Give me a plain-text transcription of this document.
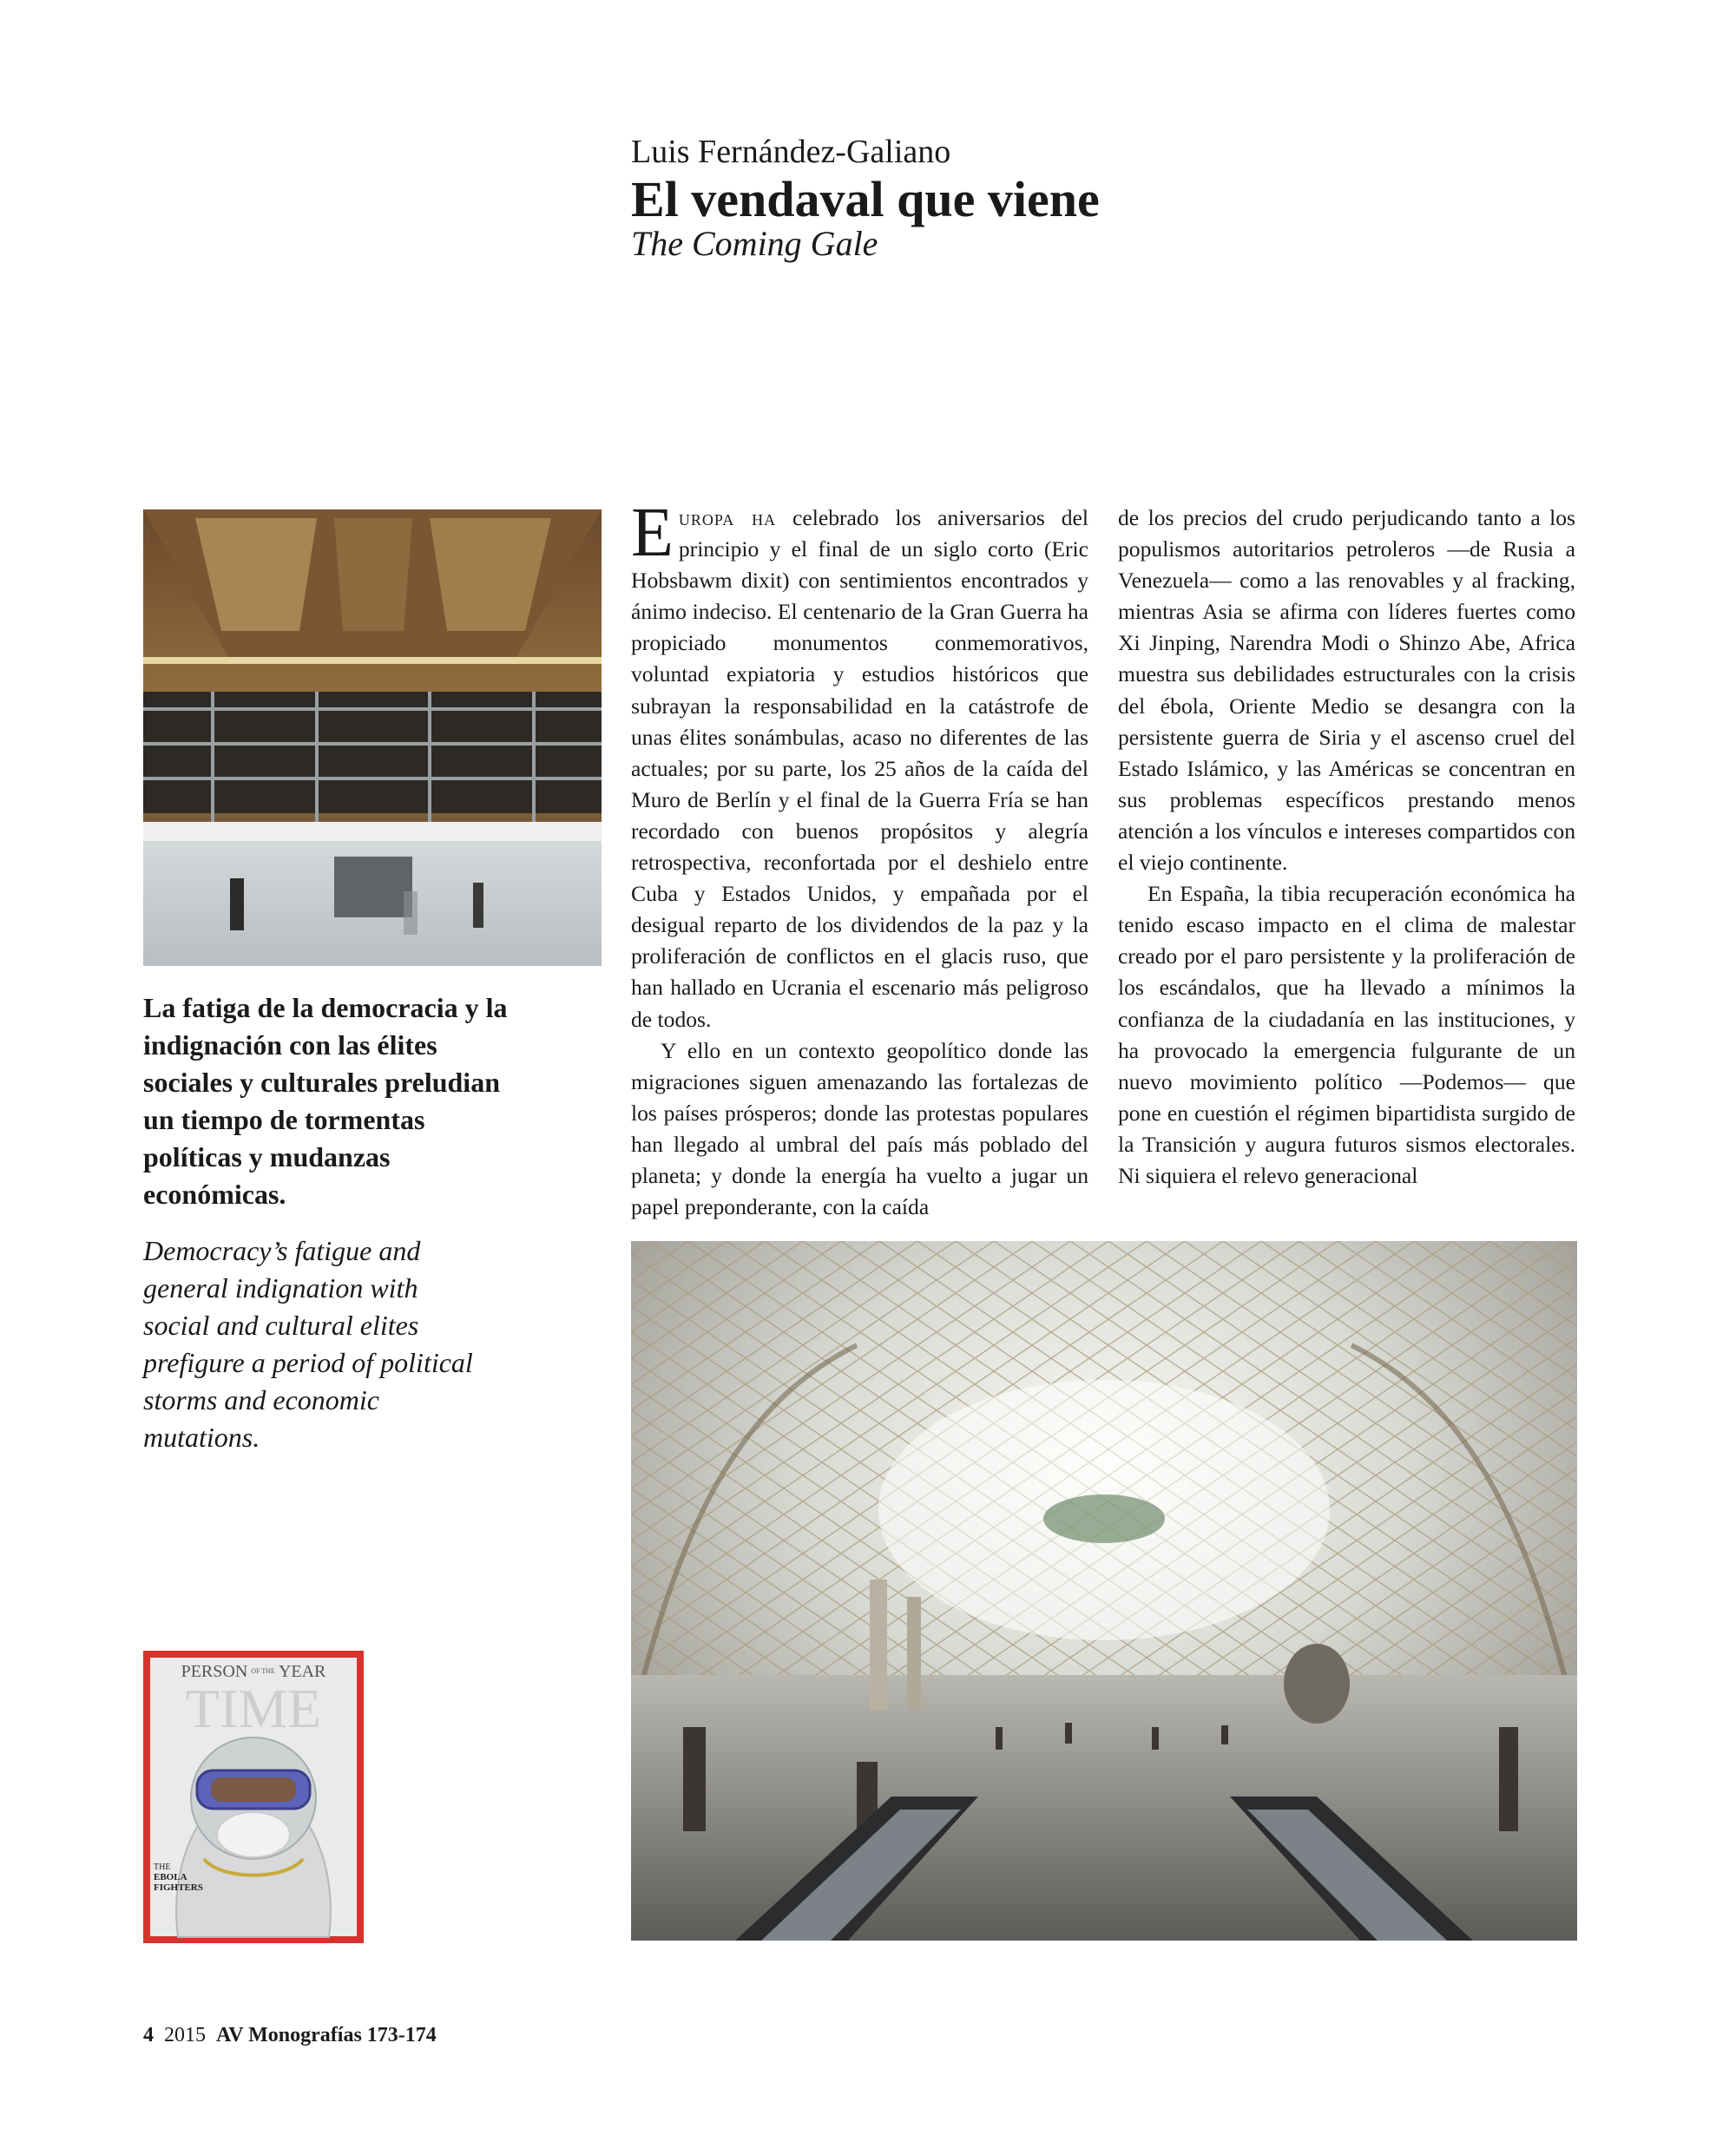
Luis Fernández-Galiano
El vendaval que viene
The Coming Gale

Europa ha celebrado los aniversarios del principio y el final de un siglo corto (Eric Hobsbawm dixit) con sentimientos encontrados y ánimo indeciso. El centenario de la Gran Guerra ha propiciado monumentos conmemorativos, voluntad expiatoria y estudios históricos que subrayan la responsabilidad en la catástrofe de unas élites sonámbulas, acaso no diferentes de las actuales; por su parte, los 25 años de la caída del Muro de Berlín y el final de la Guerra Fría se han recordado con buenos propósitos y alegría retrospectiva, reconfortada por el deshielo entre Cuba y Estados Unidos, y empañada por el desigual reparto de los dividendos de la paz y la proliferación de conflictos en el glacis ruso, que han hallado en Ucrania el escenario más peligroso de todos.

Y ello en un contexto geopolítico donde las migraciones siguen amenazando las fortalezas de los países prósperos; donde las protestas populares han llegado al umbral del país más poblado del planeta; y donde la energía ha vuelto a jugar un papel preponderante, con la caída

de los precios del crudo perjudicando tanto a los populismos autoritarios petroleros —de Rusia a Venezuela— como a las renovables y al fracking, mientras Asia se afirma con líderes fuertes como Xi Jinping, Narendra Modi o Shinzo Abe, Africa muestra sus debilidades estructurales con la crisis del ébola, Oriente Medio se desangra con la persistente guerra de Siria y el ascenso cruel del Estado Islámico, y las Américas se concentran en sus problemas específicos prestando menos atención a los vínculos e intereses compartidos con el viejo continente.

En España, la tibia recuperación económica ha tenido escaso impacto en el clima de malestar creado por el paro persistente y la proliferación de los escándalos, que ha llevado a mínimos la confianza de la ciudadanía en las instituciones, y ha provocado la emergencia fulgurante de un nuevo movimiento político —Podemos— que pone en cuestión el régimen bipartidista surgido de la Transición y augura futuros sismos electorales. Ni siquiera el relevo generacional

La fatiga de la democracia y la indignación con las élites sociales y culturales preludian un tiempo de tormentas políticas y mudanzas económicas.
Democracy’s fatigue and general indignation with social and cultural elites prefigure a period of political storms and economic mutations.
PERSON $^{OF THE}$ YEAR
TIME
THE
EBOLA
FIGHTERS
4 2015 AV Monografías 173-174
